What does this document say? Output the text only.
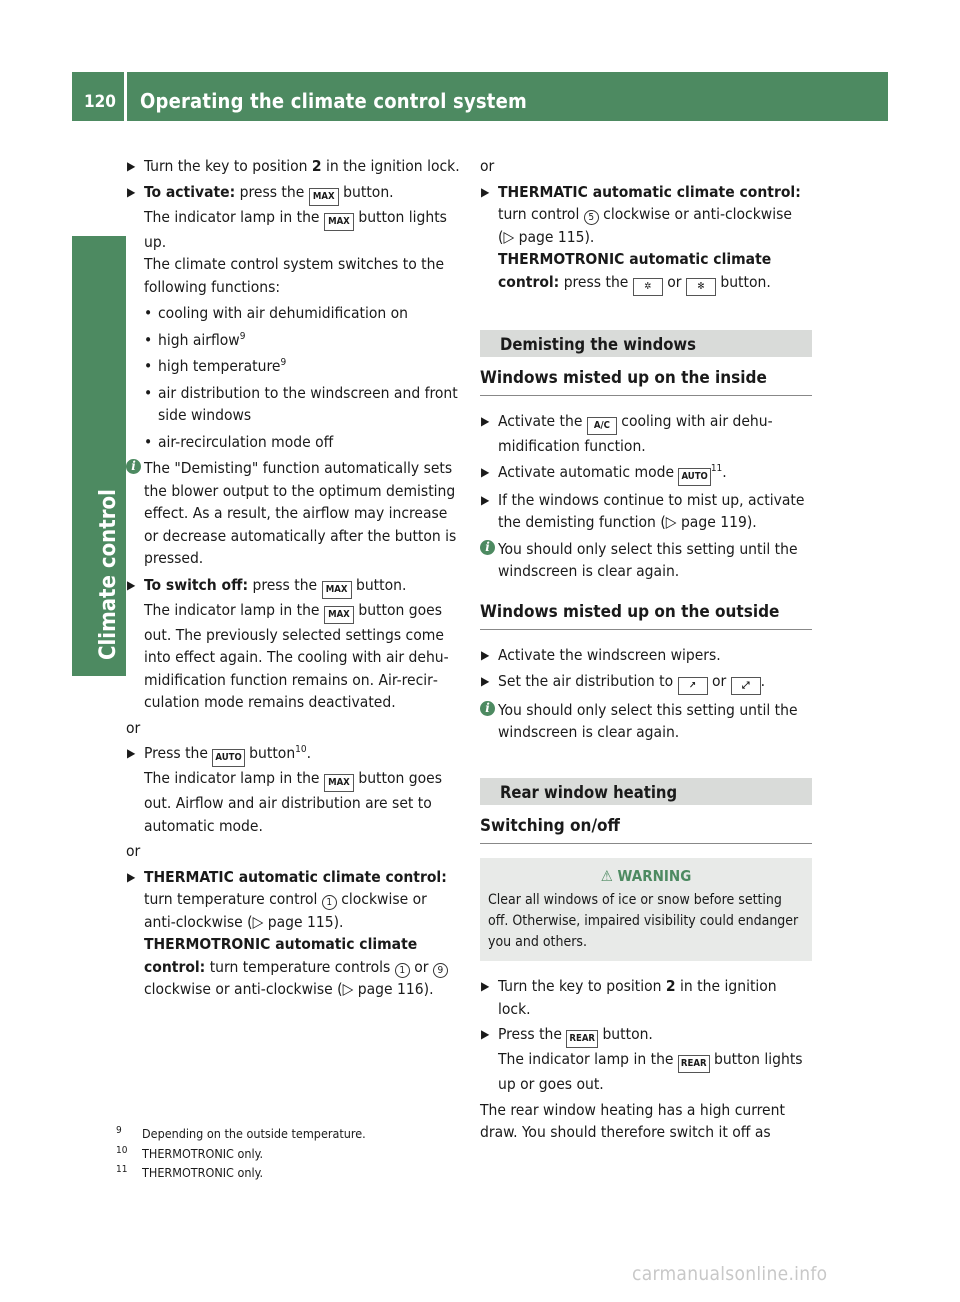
120 Operating the climate control system
Climate control
▶ Turn the key to position 2 in the ignition lock.
▶ To activate: press the MAX button.
The indicator lamp in the MAX button lights up.
The climate control system switches to the following functions:
• cooling with air dehumidification on
• high airflow$^9$
• high temperature$^9$
• air distribution to the windscreen and front side windows
• air-recirculation mode off
i The "Demisting" function automatically sets the blower output to the optimum demisting effect. As a result, the airflow may increase or decrease automatically after the button is pressed.
▶ To switch off: press the MAX button.
The indicator lamp in the MAX button goes out. The previously selected settings come into effect again. The cooling with air dehumidification function remains on. Air-recirculation mode remains deactivated.
or
▶ Press the AUTO button$^{10}$.
The indicator lamp in the MAX button goes out. Airflow and air distribution are set to automatic mode.
or
▶ THERMATIC automatic climate control:
turn temperature control 1 clockwise or anti-clockwise (▷ page 115).
THERMOTRONIC automatic climate control: turn temperature controls 1 or 9 clockwise or anti-clockwise (▷ page 116).
or
▶ THERMATIC automatic climate control:
turn control 5 clockwise or anti-clockwise (▷ page 115).
THERMOTRONIC automatic climate control: press the ✲ or ✻ button.
Demisting the windows
Windows misted up on the inside
▶ Activate the A/C cooling with air dehumidification function.
▶ Activate automatic mode AUTO$^{11}$.
▶ If the windows continue to mist up, activate the demisting function (▷ page 119).
i You should only select this setting until the windscreen is clear again.
Windows misted up on the outside
▶ Activate the windscreen wipers.
▶ Set the air distribution to ↗ or ⤢ .
i You should only select this setting until the windscreen is clear again.
Rear window heating
Switching on/off
⚠ WARNING
Clear all windows of ice or snow before setting off. Otherwise, impaired visibility could endanger you and others.
▶ Turn the key to position 2 in the ignition lock.
▶ Press the REAR button.
The indicator lamp in the REAR button lights up or goes out.
The rear window heating has a high current draw. You should therefore switch it off as
9 Depending on the outside temperature.
10 THERMOTRONIC only.
11 THERMOTRONIC only.
carmanualsonline.info
